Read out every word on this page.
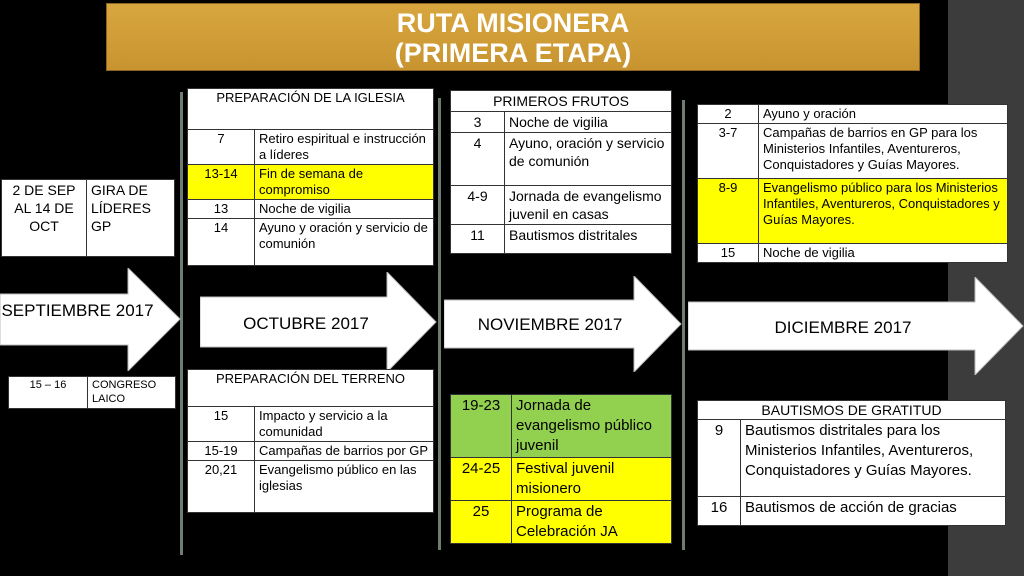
RUTA MISIONERA
(PRIMERA ETAPA)
2 DE SEP AL 14 DE OCT	GIRA DE LÍDERES GP
SEPTIEMBRE 2017
15 – 16	CONGRESO LAICO
PREPARACIÓN DE LA IGLESIA	
7	Retiro espiritual e instrucción a líderes
13-14	Fin de semana de compromiso
13	Noche de vigilia
14	Ayuno y oración y servicio de comunión
OCTUBRE 2017
PREPARACIÓN DEL TERRENO	
15	Impacto y servicio a la comunidad
15-19	Campañas de barrios por GP
20,21	Evangelismo público en las iglesias
PRIMEROS FRUTOS	
3	Noche de vigilia
4	Ayuno, oración y servicio de comunión
4-9	Jornada de evangelismo juvenil en casas
11	Bautismos distritales
NOVIEMBRE 2017
19-23	Jornada de evangelismo público juvenil
24-25	Festival juvenil misionero
25	Programa de Celebración JA
2	Ayuno y oración
3-7	Campañas de barrios en GP para los Ministerios Infantiles, Aventureros, Conquistadores y Guías Mayores.
8-9	Evangelismo público para los Ministerios Infantiles, Aventureros, Conquistadores y Guías Mayores.
15	Noche de vigilia
DICIEMBRE 2017
BAUTISMOS DE GRATITUD	
9	Bautismos distritales para los Ministerios Infantiles, Aventureros, Conquistadores y Guías Mayores.
16	Bautismos de acción de gracias
